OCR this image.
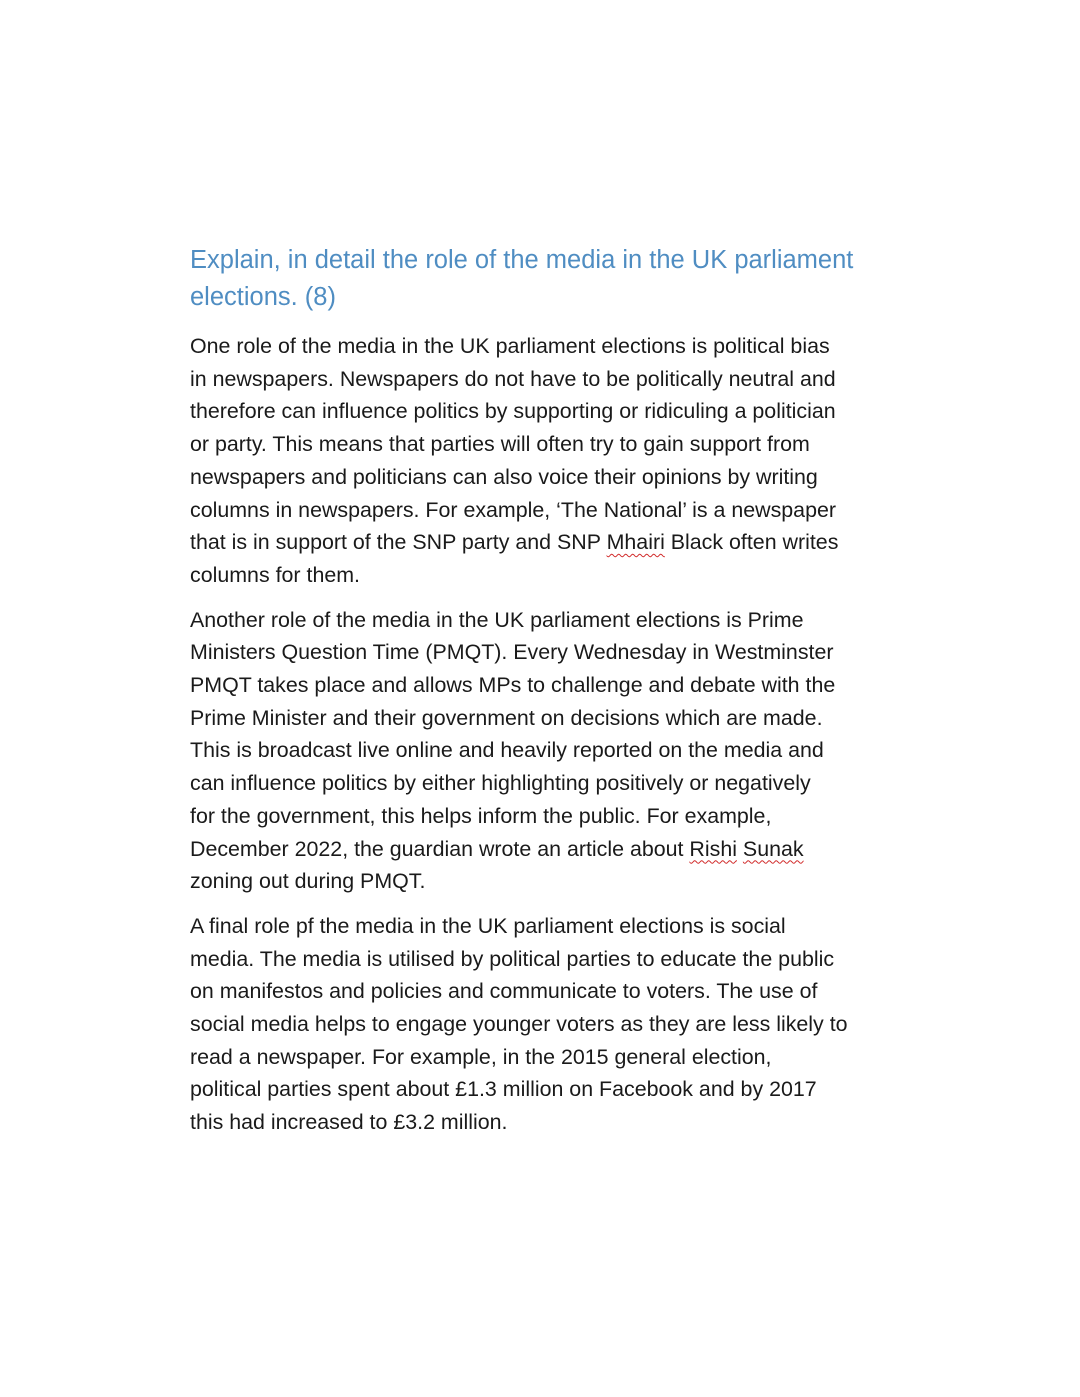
Explain, in detail the role of the media in the UK parliament
elections. (8)

One role of the media in the UK parliament elections is political bias
in newspapers. Newspapers do not have to be politically neutral and
therefore can influence politics by supporting or ridiculing a politician
or party. This means that parties will often try to gain support from
newspapers and politicians can also voice their opinions by writing
columns in newspapers. For example, ‘The National’ is a newspaper
that is in support of the SNP party and SNP Mhairi Black often writes
columns for them.

Another role of the media in the UK parliament elections is Prime
Ministers Question Time (PMQT). Every Wednesday in Westminster
PMQT takes place and allows MPs to challenge and debate with the
Prime Minister and their government on decisions which are made.
This is broadcast live online and heavily reported on the media and
can influence politics by either highlighting positively or negatively
for the government, this helps inform the public. For example,
December 2022, the guardian wrote an article about Rishi Sunak
zoning out during PMQT.

A final role pf the media in the UK parliament elections is social
media. The media is utilised by political parties to educate the public
on manifestos and policies and communicate to voters. The use of
social media helps to engage younger voters as they are less likely to
read a newspaper. For example, in the 2015 general election,
political parties spent about £1.3 million on Facebook and by 2017
this had increased to £3.2 million.
